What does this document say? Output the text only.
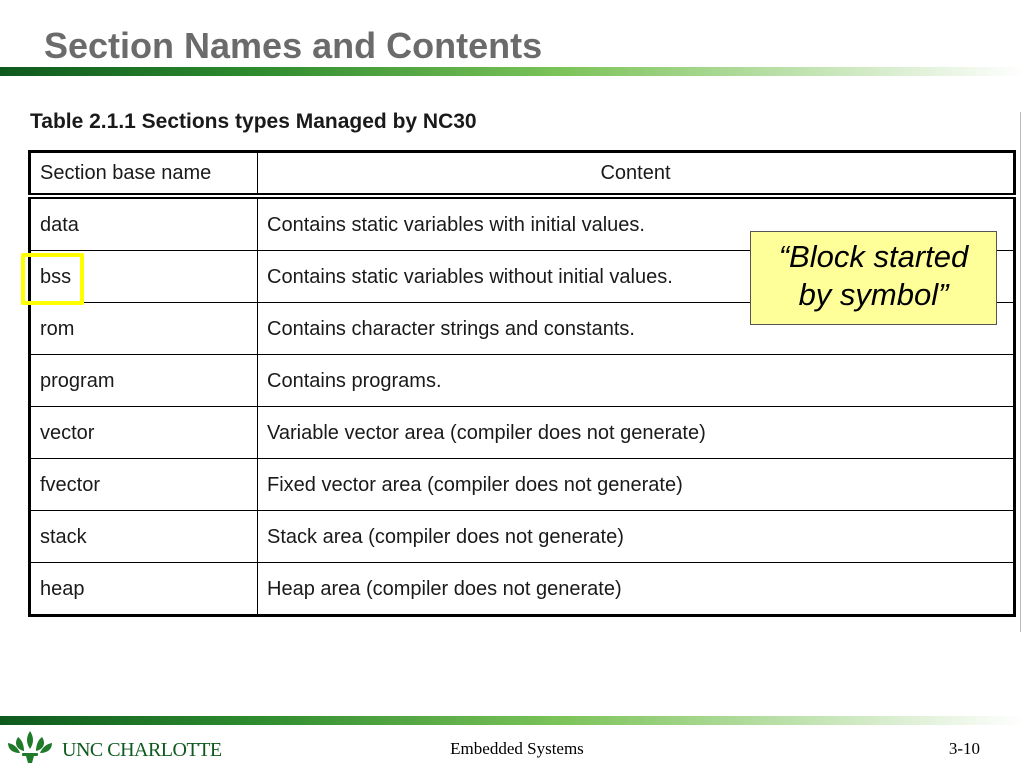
Section Names and Contents
Table 2.1.1 Sections types Managed by NC30
Section base name	Content
data	Contains static variables with initial values.
bss	Contains static variables without initial values.
rom	Contains character strings and constants.
program	Contains programs.
vector	Variable vector area (compiler does not generate)
fvector	Fixed vector area (compiler does not generate)
stack	Stack area (compiler does not generate)
heap	Heap area (compiler does not generate)
“Block started
by symbol”
UNC CHARLOTTE	Embedded Systems	3-10
